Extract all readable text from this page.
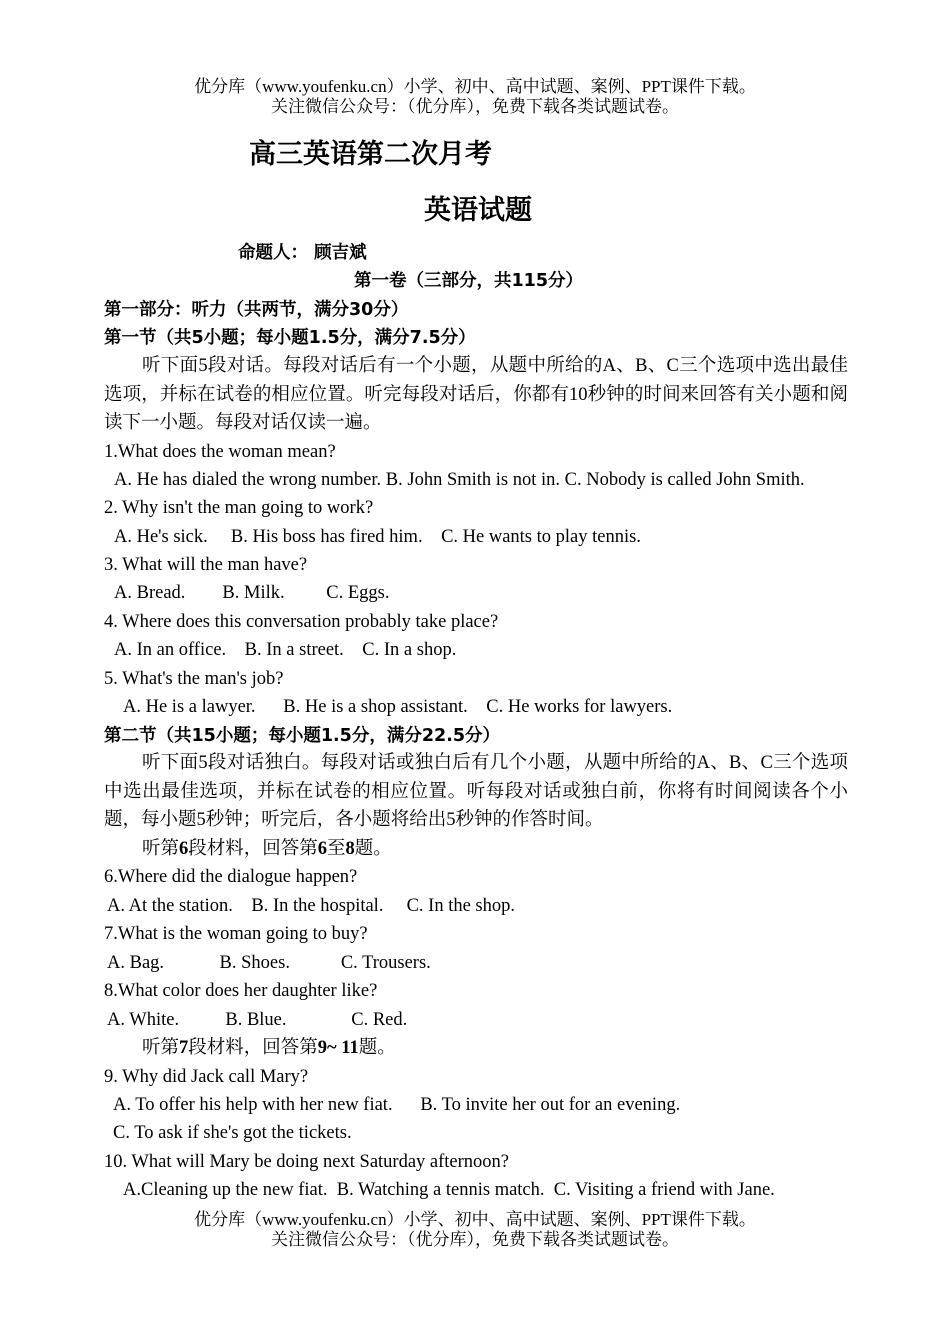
优分库（www.youfenku.cn）小学、初中、高中试题、案例、PPT课件下载。
关注微信公众号：（优分库），免费下载各类试题试卷。
高三英语第二次月考
英语试题
命题人： 顾吉斌
第一卷（三部分，共115分）
第一部分：听力（共两节，满分30分）
第一节（共5小题；每小题1.5分，满分7.5分）
听下面5段对话。每段对话后有一个小题，从题中所给的A、B、C三个选项中选出最佳选项，并标在试卷的相应位置。听完每段对话后，你都有10秒钟的时间来回答有关小题和阅读下一小题。每段对话仅读一遍。
1.What does the woman mean?
A. He has dialed the wrong number. B. John Smith is not in. C. Nobody is called John Smith.
2. Why isn't the man going to work?
A. He's sick.     B. His boss has fired him.    C. He wants to play tennis.
3. What will the man have?
A. Bread.        B. Milk.         C. Eggs.
4. Where does this conversation probably take place?
A. In an office.    B. In a street.    C. In a shop.
5. What's the man's job?
A. He is a lawyer.      B. He is a shop assistant.    C. He works for lawyers.
第二节（共15小题；每小题1.5分，满分22.5分）
听下面5段对话独白。每段对话或独白后有几个小题，从题中所给的A、B、C三个选项中选出最佳选项，并标在试卷的相应位置。听每段对话或独白前，你将有时间阅读各个小题，每小题5秒钟；听完后，各小题将给出5秒钟的作答时间。
听第6段材料，回答第6至8题。
6.Where did the dialogue happen?
A. At the station.    B. In the hospital.     C. In the shop.
7.What is the woman going to buy?
A. Bag.            B. Shoes.           C. Trousers.
8.What color does her daughter like?
A. White.          B. Blue.              C. Red.
听第7段材料，回答第9~ 11题。
9. Why did Jack call Mary?
A. To offer his help with her new fiat.      B. To invite her out for an evening.
C. To ask if she's got the tickets.
10. What will Mary be doing next Saturday afternoon?
A.Cleaning up the new fiat.  B. Watching a tennis match.  C. Visiting a friend with Jane.
优分库（www.youfenku.cn）小学、初中、高中试题、案例、PPT课件下载。
关注微信公众号：（优分库），免费下载各类试题试卷。
